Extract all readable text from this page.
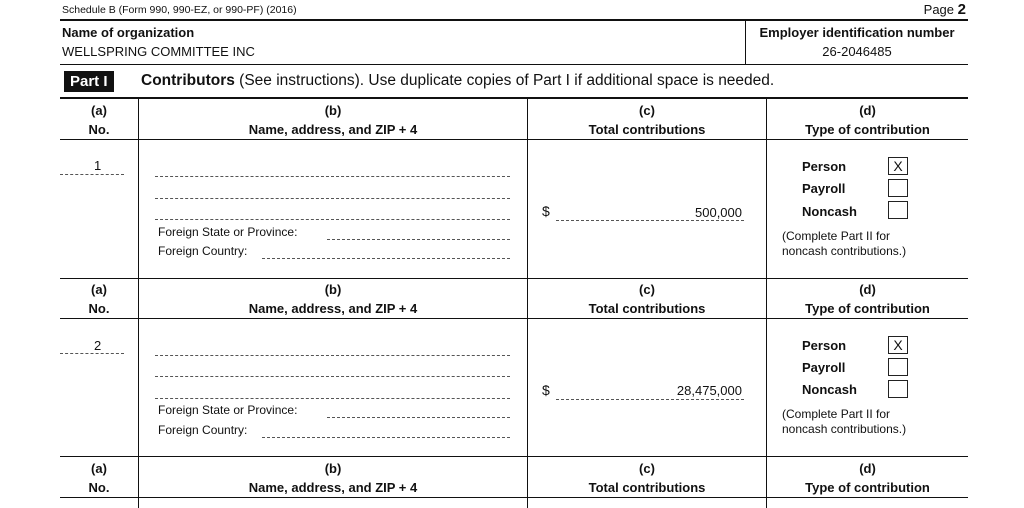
Schedule B (Form 990, 990-EZ, or 990-PF) (2016)	Page 2
Name of organization
WELLSPRING COMMITTEE INC
Employer identification number
26-2046485
Part I	Contributors (See instructions). Use duplicate copies of Part I if additional space is needed.
(a)
No.
(b)
Name, address, and ZIP + 4
(c)
Total contributions
(d)
Type of contribution
1
Foreign State or Province:
Foreign Country:
$	500,000
Person	X
Payroll
Noncash
(Complete Part II for
noncash contributions.)
(a)
No.
(b)
Name, address, and ZIP + 4
(c)
Total contributions
(d)
Type of contribution
2
Foreign State or Province:
Foreign Country:
$	28,475,000
Person	X
Payroll
Noncash
(Complete Part II for
noncash contributions.)
(a)
No.
(b)
Name, address, and ZIP + 4
(c)
Total contributions
(d)
Type of contribution
